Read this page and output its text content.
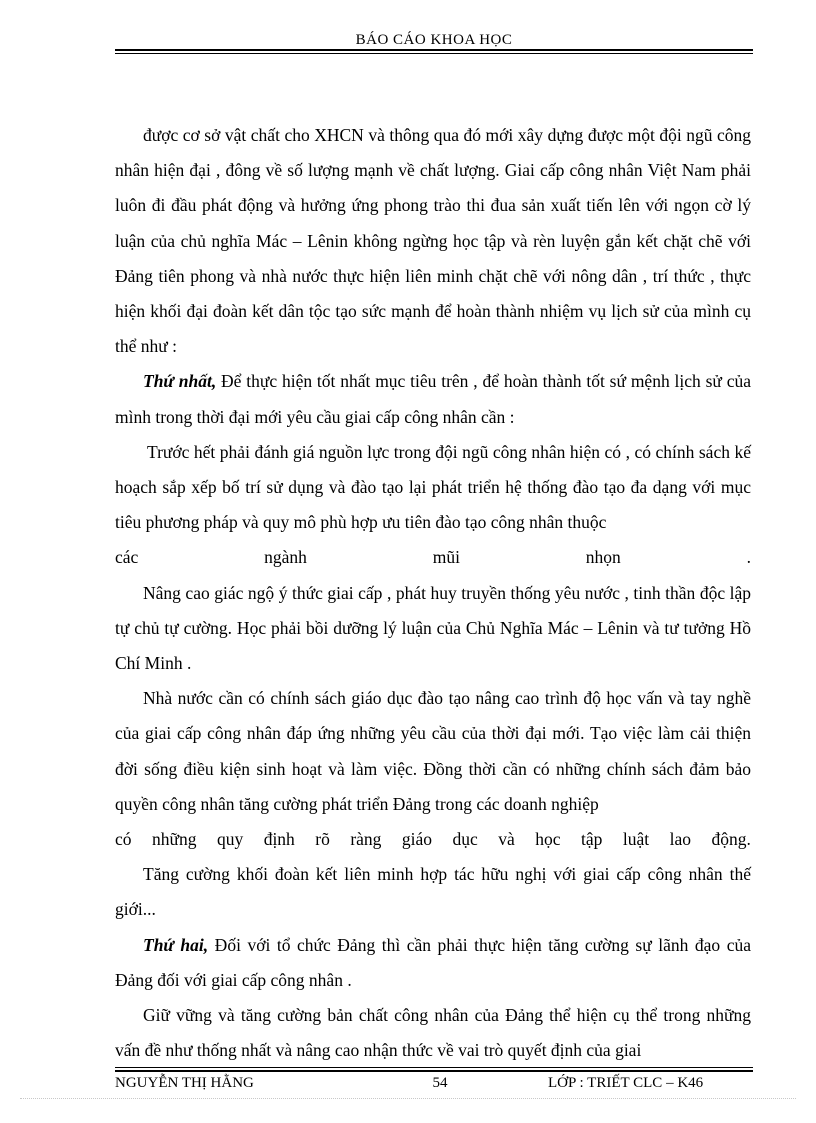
BÁO CÁO KHOA HỌC

được cơ sở vật chất cho XHCN và thông qua đó mới xây dựng được một đội ngũ công nhân hiện đại , đông về số lượng mạnh về chất lượng. Giai cấp công nhân Việt Nam phải luôn đi đầu phát động và hưởng ứng phong trào thi đua sản xuất tiến lên với ngọn cờ lý luận của chủ nghĩa Mác – Lênin không ngừng học tập và rèn luyện gắn kết chặt chẽ với Đảng tiên phong và nhà nước thực hiện liên minh chặt chẽ với nông dân , trí thức , thực hiện khối đại đoàn kết dân tộc tạo sức mạnh để hoàn thành nhiệm vụ lịch sử của mình cụ thể như :

Thứ nhất, Để thực hiện tốt nhất mục tiêu trên , để hoàn thành tốt sứ mệnh lịch sử của mình trong thời đại mới yêu cầu giai cấp công nhân cần :

Trước hết phải đánh giá nguồn lực trong đội ngũ công nhân hiện có , có chính sách kế hoạch sắp xếp bố trí sử dụng và đào tạo lại phát triển hệ thống đào tạo đa dạng với mục tiêu phương pháp và quy mô phù hợp ưu tiên đào tạo công nhân thuộc

các	ngành	mũi	nhọn	.

Nâng cao giác ngộ ý thức giai cấp , phát huy truyền thống yêu nước , tinh thần độc lập tự chủ tự cường. Học phải bồi dưỡng lý luận của Chủ Nghĩa Mác – Lênin và tư tưởng Hồ Chí Minh .

Nhà nước cần có chính sách giáo dục đào tạo nâng cao trình độ học vấn và tay nghề của giai cấp công nhân đáp ứng những yêu cầu của thời đại mới. Tạo việc làm cải thiện đời sống điều kiện sinh hoạt và làm việc. Đồng thời cần có những chính sách đảm bảo quyền công nhân tăng cường phát triển Đảng trong các doanh nghiệp

có những quy định rõ ràng giáo dục và học tập luật lao động.

Tăng cường khối đoàn kết liên minh hợp tác hữu nghị với giai cấp công nhân thế giới...

Thứ hai, Đối với tổ chức Đảng thì cần phải thực hiện tăng cường sự lãnh đạo của Đảng đối với giai cấp công nhân .

Giữ vững và tăng cường bản chất công nhân của Đảng thể hiện cụ thể trong những vấn đề như thống nhất và nâng cao nhận thức về vai trò quyết định của giai

NGUYỄN THỊ HẰNG	54	LỚP : TRIẾT CLC – K46
